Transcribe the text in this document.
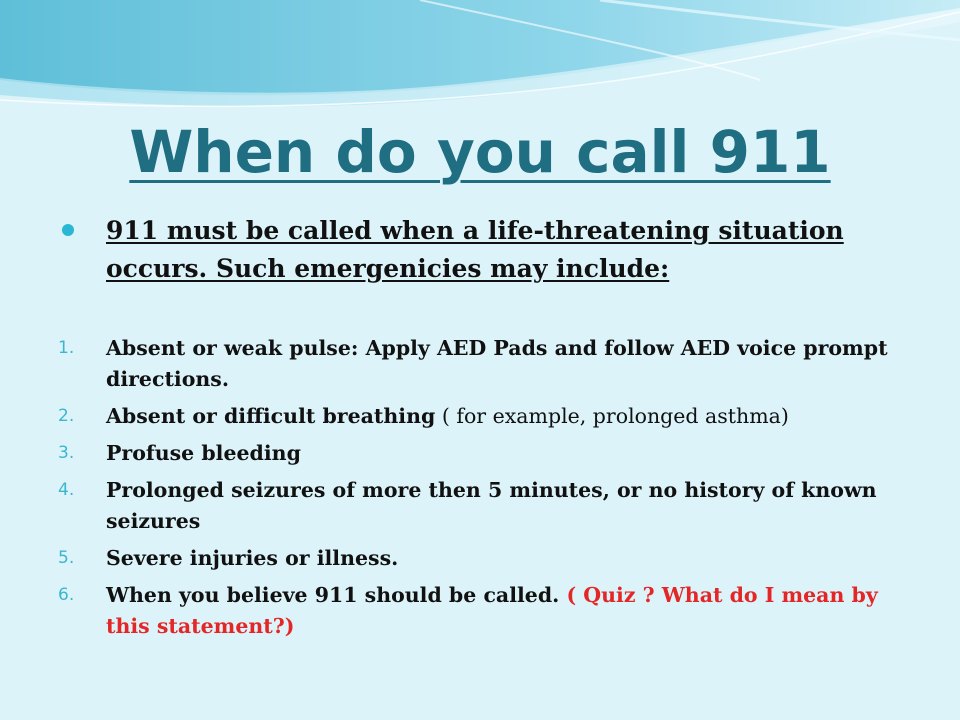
When do you call 911
911 must be called when a life-threatening situation occurs. Such emergenicies may include:
1.	Absent or weak pulse: Apply AED Pads and follow AED voice prompt directions.
2.	Absent or difficult breathing ( for example, prolonged asthma)
3.	Profuse bleeding
4.	Prolonged seizures of more then 5 minutes, or no history of known seizures
5.	Severe injuries or illness.
6.	When you believe 911 should be called. ( Quiz ? What do I mean by this statement?)
